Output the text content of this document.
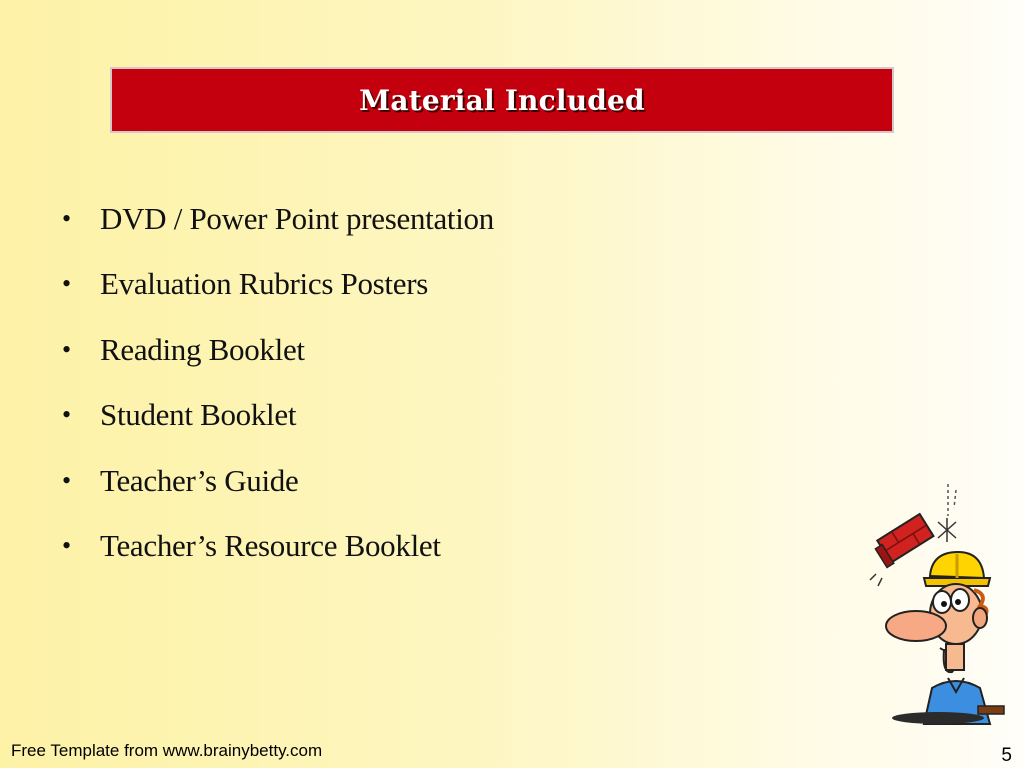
Material Included
• DVD / Power Point presentation
• Evaluation Rubrics Posters
• Reading Booklet
• Student Booklet
• Teacher’s Guide
• Teacher’s Resource Booklet
Free Template from www.brainybetty.com	5
